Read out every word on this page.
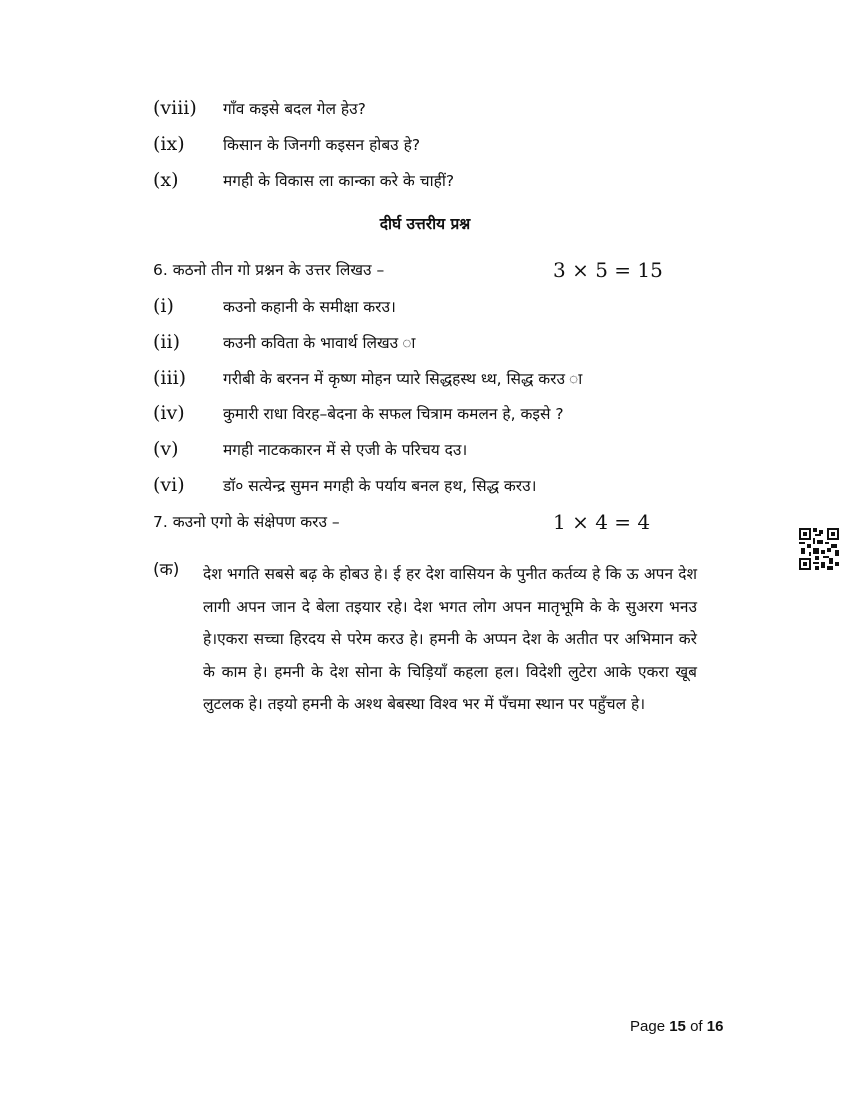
(viii)	गाँव कइसे बदल गेल हेउ?
(ix)	किसान के जिनगी कइसन होबउ हे?
(x)	मगही के विकास ला कान्का करे के चाहीं?
दीर्घ उत्तरीय प्रश्न
6. कठनो तीन गो प्रश्नन के उत्तर लिखउ –	3 × 5 = 15
(i)	कउनो कहानी के समीक्षा करउ।
(ii)	कउनी कविता के भावार्थ लिखउ ा
(iii)	गरीबी के बरनन में कृष्ण मोहन प्यारे सिद्धहस्थ ध्थ, सिद्ध करउ ा
(iv)	कुमारी राधा विरह–बेदना के सफल चित्राम कमलन हे, कइसे ?
(v)	मगही नाटककारन में से एजी के परिचय दउ।
(vi)	डॉ० सत्येन्द्र सुमन मगही के पर्याय बनल हथ, सिद्ध करउ।
7. कउनो एगो के संक्षेपण करउ –	1 × 4 = 4
(क) देश भगति सबसे बढ़ के होबउ हे। ई हर देश वासियन के पुनीत कर्तव्य हे कि ऊ अपन देश लागी अपन जान दे बेला तइयार रहे। देश भगत लोग अपन मातृभूमि के के सुअरग भनउ हे।एकरा सच्चा हिरदय से परेम करउ हे। हमनी के अप्पन देश के अतीत पर अभिमान करे के काम हे। हमनी के देश सोना के चिड़ियाँ कहला हल। विदेशी लुटेरा आके एकरा खूब लुटलक हे। तइयो हमनी के अश्थ बेबस्था विश्व भर में पँचमा स्थान पर पहुँचल हे।
Page 15 of 16
